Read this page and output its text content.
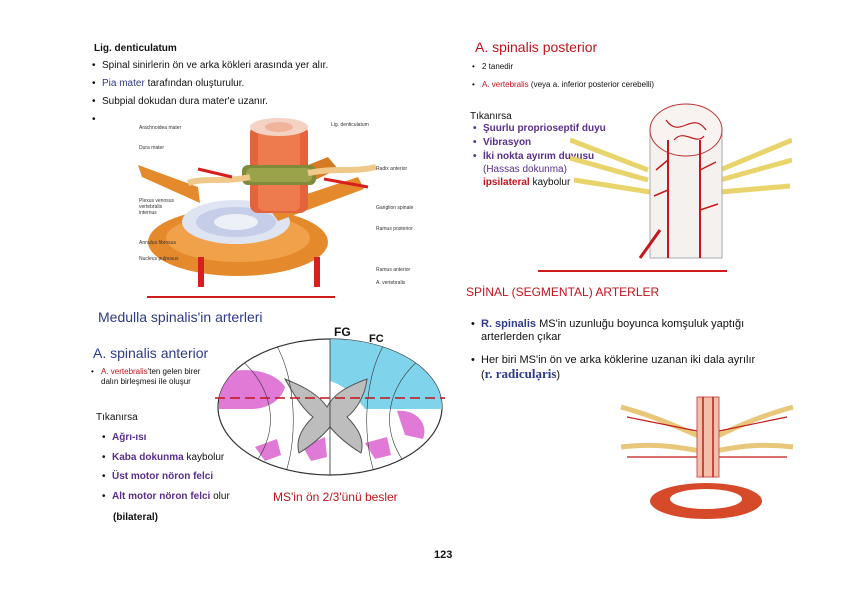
Lig. denticulatum
• Spinal sinirlerin ön ve arka kökleri arasında yer alır.
• Pia mater tarafından oluşturulur.
• Subpial dokudan dura mater'e uzanır.
Arachnoidea mater
Dura mater
Plexus venosus vertebralis internus
Annulus fibrosus
Nucleus pulposus
Lig. denticulatum
Radix anterior
Ganglion spinale
Ramus posterior
Ramus anterior
A. vertebralis
A. spinalis posterior
• 2 tanedir
• A. vertebralis (veya a. inferior posterior cerebelli)
Tıkanırsa
• Şuurlu proprioseptif duyu
• Vibrasyon
• İki nokta ayırım duyusu
(Hassas dokunma)
ipsilateral kaybolur
SPİNAL (SEGMENTAL) ARTERLER
• R. spinalis MS'in uzunluğu boyunca komşuluk yaptığı arterlerden çıkar
• Her biri MS'in ön ve arka köklerine uzanan iki dala ayrılır (r. radiculạris)
Medulla spinalis'in arterleri
FG FC
A. spinalis anterior
• A. vertebralis'ten gelen birer
dalın birleşmesi ile oluşur
Tıkanırsa
• Ağrı-ısı
• Kaba dokunma kaybolur
• Üst motor nöron felci
• Alt motor nöron felci olur
(bilateral)
MS'in ön 2/3'ünü besler
123
